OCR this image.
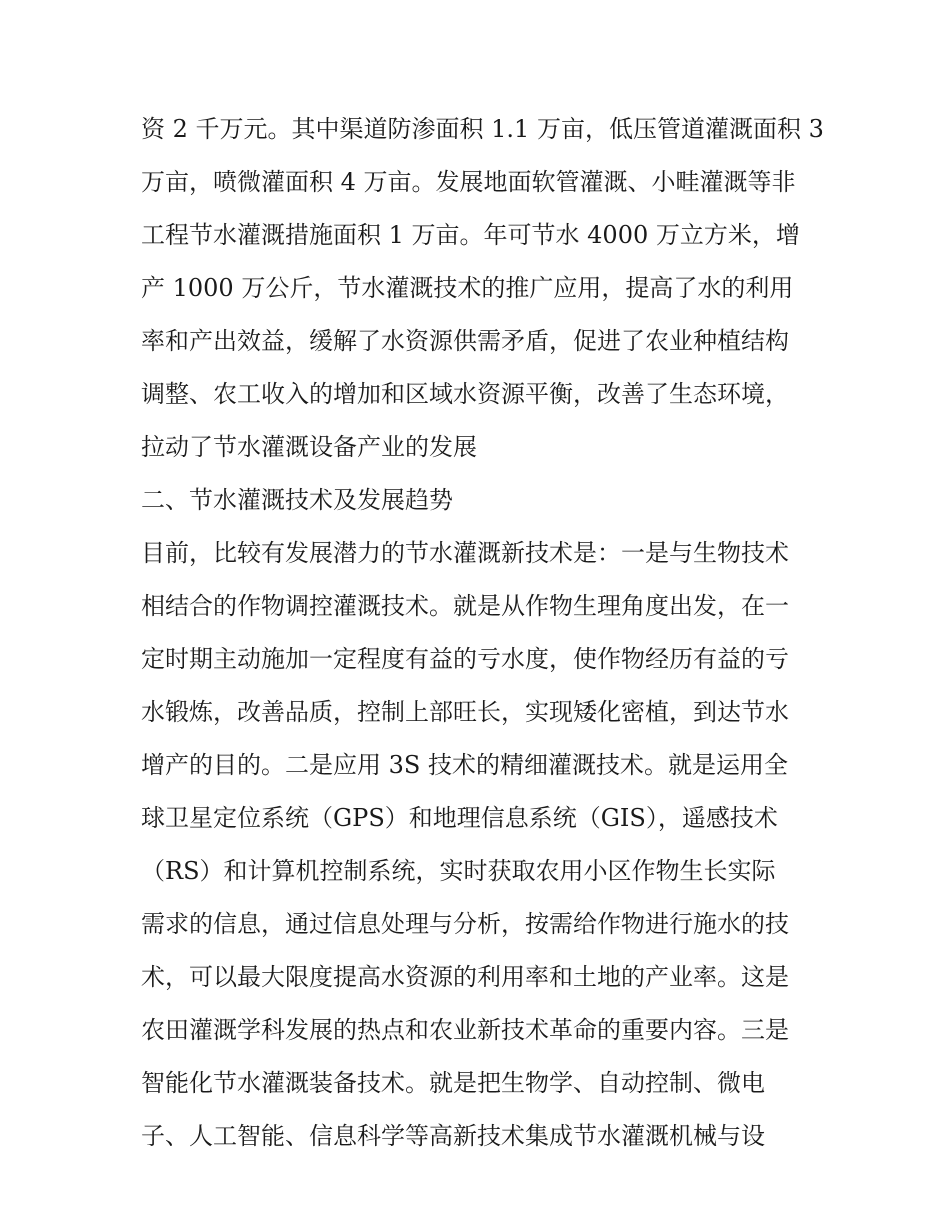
资 2 千万元。其中渠道防渗面积 1.1 万亩，低压管道灌溉面积 3
万亩，喷微灌面积 4 万亩。发展地面软管灌溉、小畦灌溉等非
工程节水灌溉措施面积 1 万亩。年可节水 4000 万立方米，增
产 1000 万公斤，节水灌溉技术的推广应用，提高了水的利用
率和产出效益，缓解了水资源供需矛盾，促进了农业种植结构
调整、农工收入的增加和区域水资源平衡，改善了生态环境，
拉动了节水灌溉设备产业的发展
二、节水灌溉技术及发展趋势
目前，比较有发展潜力的节水灌溉新技术是：一是与生物技术
相结合的作物调控灌溉技术。就是从作物生理角度出发，在一
定时期主动施加一定程度有益的亏水度，使作物经历有益的亏
水锻炼，改善品质，控制上部旺长，实现矮化密植，到达节水
增产的目的。二是应用 3S 技术的精细灌溉技术。就是运用全
球卫星定位系统（GPS）和地理信息系统（GIS），遥感技术
（RS）和计算机控制系统，实时获取农用小区作物生长实际
需求的信息，通过信息处理与分析，按需给作物进行施水的技
术，可以最大限度提高水资源的利用率和土地的产业率。这是
农田灌溉学科发展的热点和农业新技术革命的重要内容。三是
智能化节水灌溉装备技术。就是把生物学、自动控制、微电
子、人工智能、信息科学等高新技术集成节水灌溉机械与设
